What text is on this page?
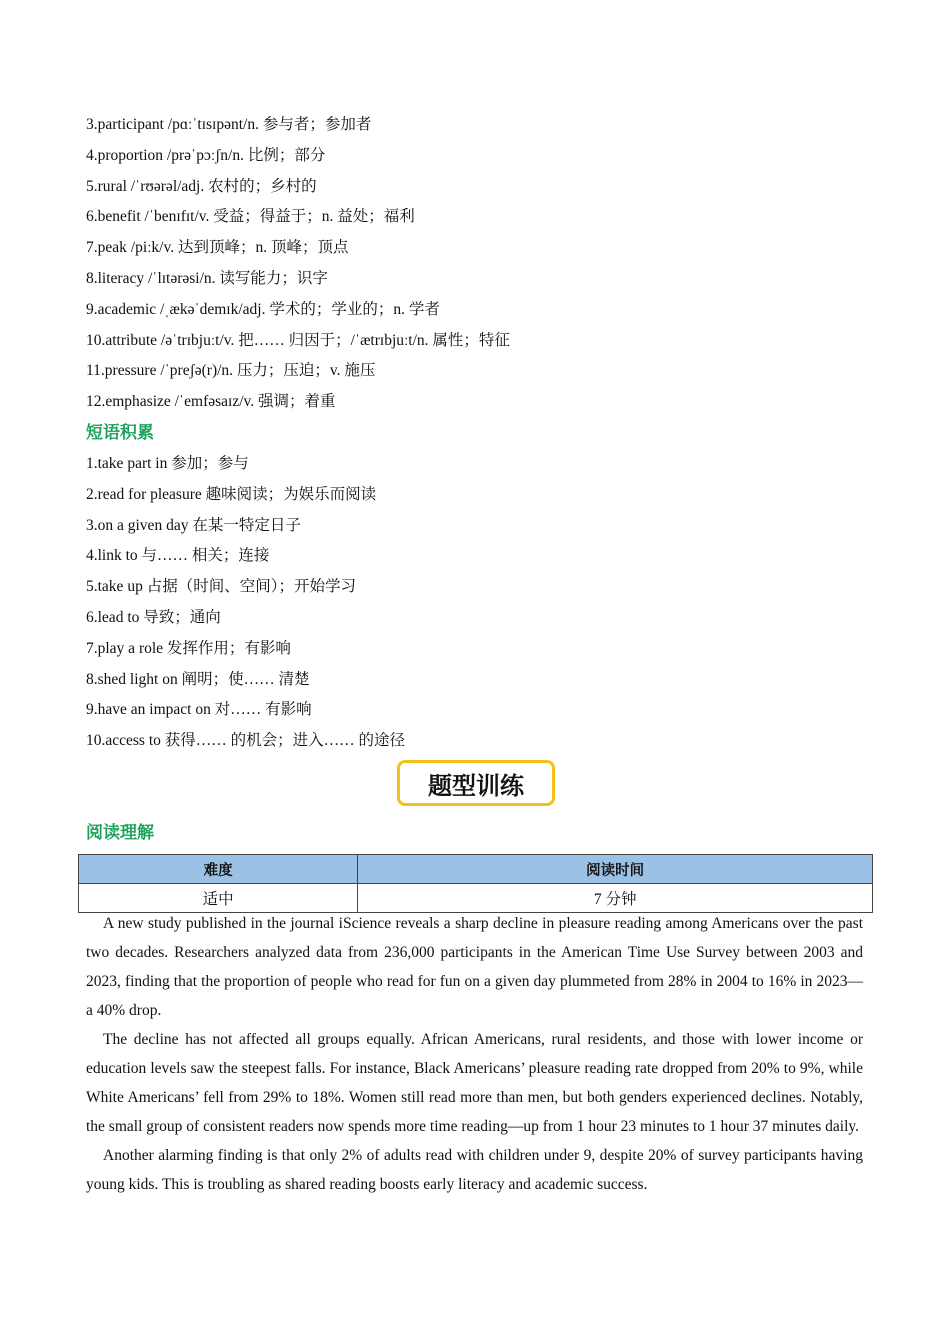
3.participant /pɑːˈtɪsɪpənt/n. 参与者；参加者
4.proportion /prəˈpɔːʃn/n. 比例；部分
5.rural /ˈrʊərəl/adj. 农村的；乡村的
6.benefit /ˈbenɪfɪt/v. 受益；得益于；n. 益处；福利
7.peak /piːk/v. 达到顶峰；n. 顶峰；顶点
8.literacy /ˈlɪtərəsi/n. 读写能力；识字
9.academic /ˌækəˈdemɪk/adj. 学术的；学业的；n. 学者
10.attribute /əˈtrɪbjuːt/v. 把…… 归因于；/ˈætrɪbjuːt/n. 属性；特征
11.pressure /ˈpreʃə(r)/n. 压力；压迫；v. 施压
12.emphasize /ˈemfəsaɪz/v. 强调；着重
短语积累
1.take part in 参加；参与
2.read for pleasure 趣味阅读；为娱乐而阅读
3.on a given day 在某一特定日子
4.link to 与…… 相关；连接
5.take up 占据（时间、空间）；开始学习
6.lead to 导致；通向
7.play a role 发挥作用；有影响
8.shed light on 阐明；使…… 清楚
9.have an impact on 对…… 有影响
10.access to 获得…… 的机会；进入…… 的途径
题型训练
阅读理解
难度	阅读时间
适中	7 分钟

A new study published in the journal iScience reveals a sharp decline in pleasure reading among Americans over the past two decades. Researchers analyzed data from 236,000 participants in the American Time Use Survey between 2003 and 2023, finding that the proportion of people who read for fun on a given day plummeted from 28% in 2004 to 16% in 2023—a 40% drop.

The decline has not affected all groups equally. African Americans, rural residents, and those with lower income or education levels saw the steepest falls. For instance, Black Americans’ pleasure reading rate dropped from 20% to 9%, while White Americans’ fell from 29% to 18%. Women still read more than men, but both genders experienced declines. Notably, the small group of consistent readers now spends more time reading—up from 1 hour 23 minutes to 1 hour 37 minutes daily.

Another alarming finding is that only 2% of adults read with children under 9, despite 20% of survey participants having young kids. This is troubling as shared reading boosts early literacy and academic success.
